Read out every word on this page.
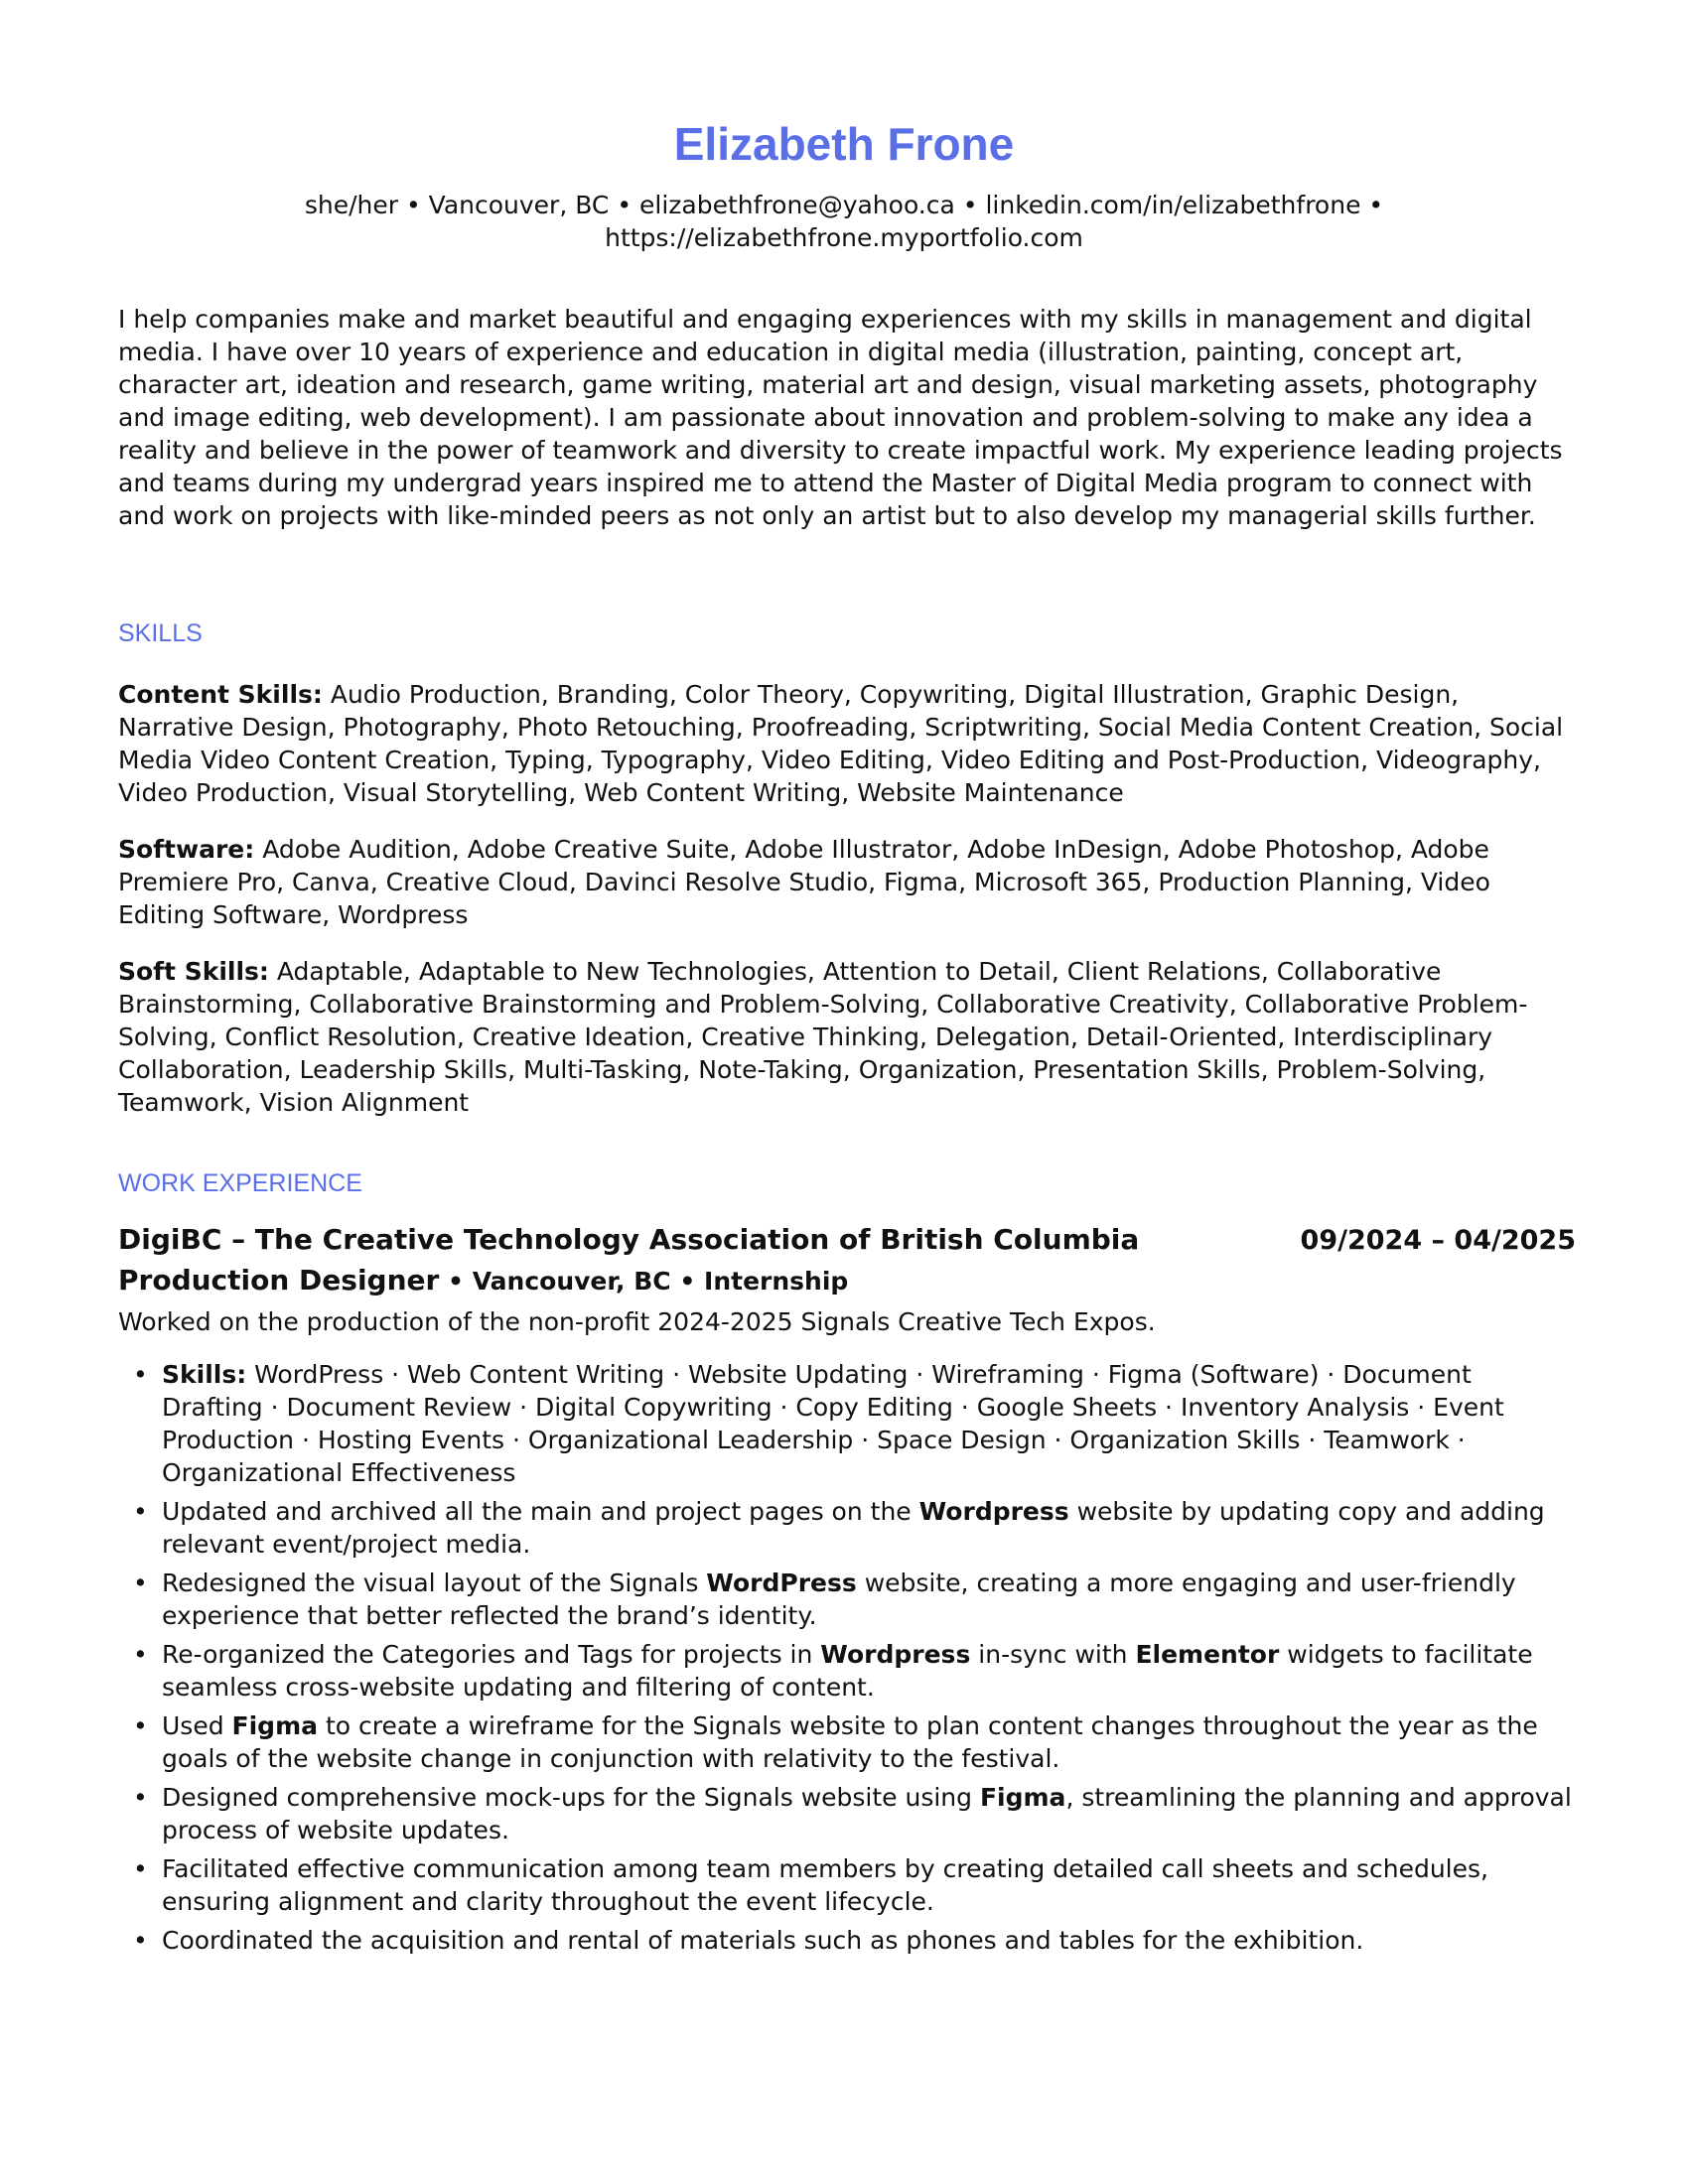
Elizabeth Frone
she/her • Vancouver, BC • elizabethfrone@yahoo.ca • linkedin.com/in/elizabethfrone •
https://elizabethfrone.myportfolio.com
I help companies make and market beautiful and engaging experiences with my skills in management and digital media. I have over 10 years of experience and education in digital media (illustration, painting, concept art, character art, ideation and research, game writing, material art and design, visual marketing assets, photography and image editing, web development). I am passionate about innovation and problem-solving to make any idea a reality and believe in the power of teamwork and diversity to create impactful work. My experience leading projects and teams during my undergrad years inspired me to attend the Master of Digital Media program to connect with and work on projects with like-minded peers as not only an artist but to also develop my managerial skills further.
SKILLS
Content Skills: Audio Production, Branding, Color Theory, Copywriting, Digital Illustration, Graphic Design, Narrative Design, Photography, Photo Retouching, Proofreading, Scriptwriting, Social Media Content Creation, Social Media Video Content Creation, Typing, Typography, Video Editing, Video Editing and Post-Production, Videography, Video Production, Visual Storytelling, Web Content Writing, Website Maintenance
Software: Adobe Audition, Adobe Creative Suite, Adobe Illustrator, Adobe InDesign, Adobe Photoshop, Adobe Premiere Pro, Canva, Creative Cloud, Davinci Resolve Studio, Figma, Microsoft 365, Production Planning, Video Editing Software, Wordpress
Soft Skills: Adaptable, Adaptable to New Technologies, Attention to Detail, Client Relations, Collaborative Brainstorming, Collaborative Brainstorming and Problem-Solving, Collaborative Creativity, Collaborative Problem-Solving, Conflict Resolution, Creative Ideation, Creative Thinking, Delegation, Detail-Oriented, Interdisciplinary Collaboration, Leadership Skills, Multi-Tasking, Note-Taking, Organization, Presentation Skills, Problem-Solving, Teamwork, Vision Alignment
WORK EXPERIENCE
DigiBC – The Creative Technology Association of British Columbia	09/2024 – 04/2025
Production Designer • Vancouver, BC • Internship
Worked on the production of the non-profit 2024-2025 Signals Creative Tech Expos.
• Skills: WordPress · Web Content Writing · Website Updating · Wireframing · Figma (Software) · Document Drafting · Document Review · Digital Copywriting · Copy Editing · Google Sheets · Inventory Analysis · Event Production · Hosting Events · Organizational Leadership · Space Design · Organization Skills · Teamwork · Organizational Effectiveness
• Updated and archived all the main and project pages on the Wordpress website by updating copy and adding relevant event/project media.
• Redesigned the visual layout of the Signals WordPress website, creating a more engaging and user-friendly experience that better reflected the brand’s identity.
• Re-organized the Categories and Tags for projects in Wordpress in-sync with Elementor widgets to facilitate seamless cross-website updating and filtering of content.
• Used Figma to create a wireframe for the Signals website to plan content changes throughout the year as the goals of the website change in conjunction with relativity to the festival.
• Designed comprehensive mock-ups for the Signals website using Figma, streamlining the planning and approval process of website updates.
• Facilitated effective communication among team members by creating detailed call sheets and schedules, ensuring alignment and clarity throughout the event lifecycle.
• Coordinated the acquisition and rental of materials such as phones and tables for the exhibition.
